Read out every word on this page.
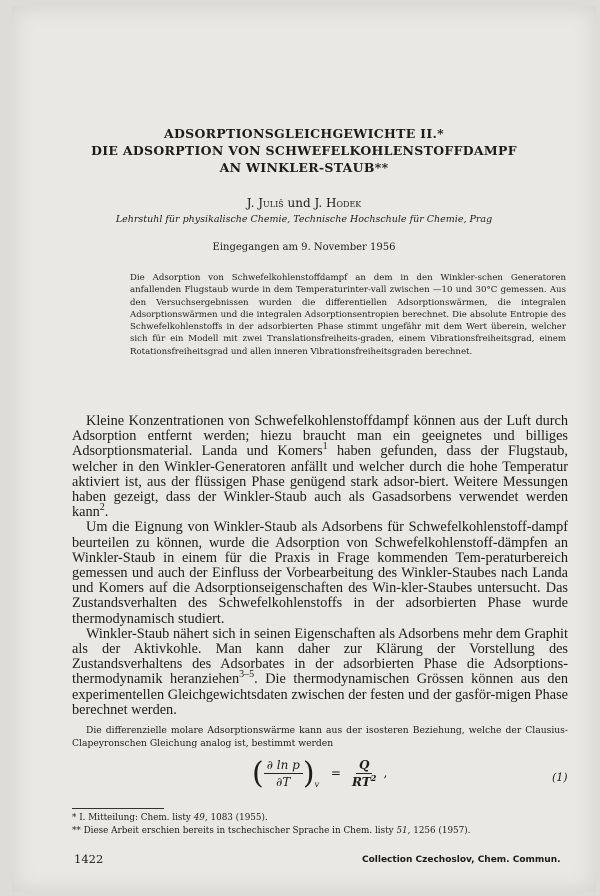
ADSORPTIONSGLEICHGEWICHTE II.*
DIE ADSORPTION VON SCHWEFELKOHLENSTOFFDAMPF
AN WINKLER-STAUB**

J. Juliš und J. Hodek

Lehrstuhl für physikalische Chemie, Technische Hochschule für Chemie, Prag

Eingegangen am 9. November 1956

Die Adsorption von Schwefelkohlenstoffdampf an dem in den Winkler-schen Generatoren anfallenden Flugstaub wurde in dem Temperaturinter-vall zwischen —10 und 30°C gemessen. Aus den Versuchsergebnissen wurden die differentiellen Adsorptionswärmen, die integralen Adsorptionswärmen und die integralen Adsorptionsentropien berechnet. Die absolute Entropie des Schwefelkohlenstoffs in der adsorbierten Phase stimmt ungefähr mit dem Wert überein, welcher sich für ein Modell mit zwei Translationsfreiheits-graden, einem Vibrationsfreiheitsgrad, einem Rotationsfreiheitsgrad und allen inneren Vibrationsfreiheitsgraden berechnet.

Kleine Konzentrationen von Schwefelkohlenstoffdampf können aus der Luft durch Adsorption entfernt werden; hiezu braucht man ein geeignetes und billiges Adsorptionsmaterial. Landa und Komers$^1$ haben gefunden, dass der Flugstaub, welcher in den Winkler-Generatoren anfällt und welcher durch die hohe Temperatur aktiviert ist, aus der flüssigen Phase genügend stark adsor-biert. Weitere Messungen haben gezeigt, dass der Winkler-Staub auch als Gasadsorbens verwendet werden kann$^2$.

Um die Eignung von Winkler-Staub als Adsorbens für Schwefelkohlenstoff-dampf beurteilen zu können, wurde die Adsorption von Schwefelkohlenstoff-dämpfen an Winkler-Staub in einem für die Praxis in Frage kommenden Tem-peraturbereich gemessen und auch der Einfluss der Vorbearbeitung des Winkler-Staubes nach Landa und Komers auf die Adsorptionseigenschaften des Win-kler-Staubes untersucht. Das Zustandsverhalten des Schwefelkohlenstoffs in der adsorbierten Phase wurde thermodynamisch studiert.

Winkler-Staub nähert sich in seinen Eigenschaften als Adsorbens mehr dem Graphit als der Aktivkohle. Man kann daher zur Klärung der Vorstellung des Zustandsverhaltens des Adsorbates in der adsorbierten Phase die Adsorptions-thermodynamik heranziehen$^{3-5}$. Die thermodynamischen Grössen können aus den experimentellen Gleichgewichtsdaten zwischen der festen und der gasför-migen Phase berechnet werden.

Die differenzielle molare Adsorptionswärme kann aus der isosteren Beziehung, welche der Clausius-Clapeyronschen Gleichung analog ist, bestimmt werden

( $\frac{\text{∂ ln p}}{\partial T} )_v = \frac{Q}{RT^2}$ ,	(1)
* I. Mitteilung: Chem. listy 49, 1083 (1955).
** Diese Arbeit erschien bereits in tschechischer Sprache in Chem. listy 51, 1256 (1957).

1422	Collection Czechoslov, Chem. Commun.
